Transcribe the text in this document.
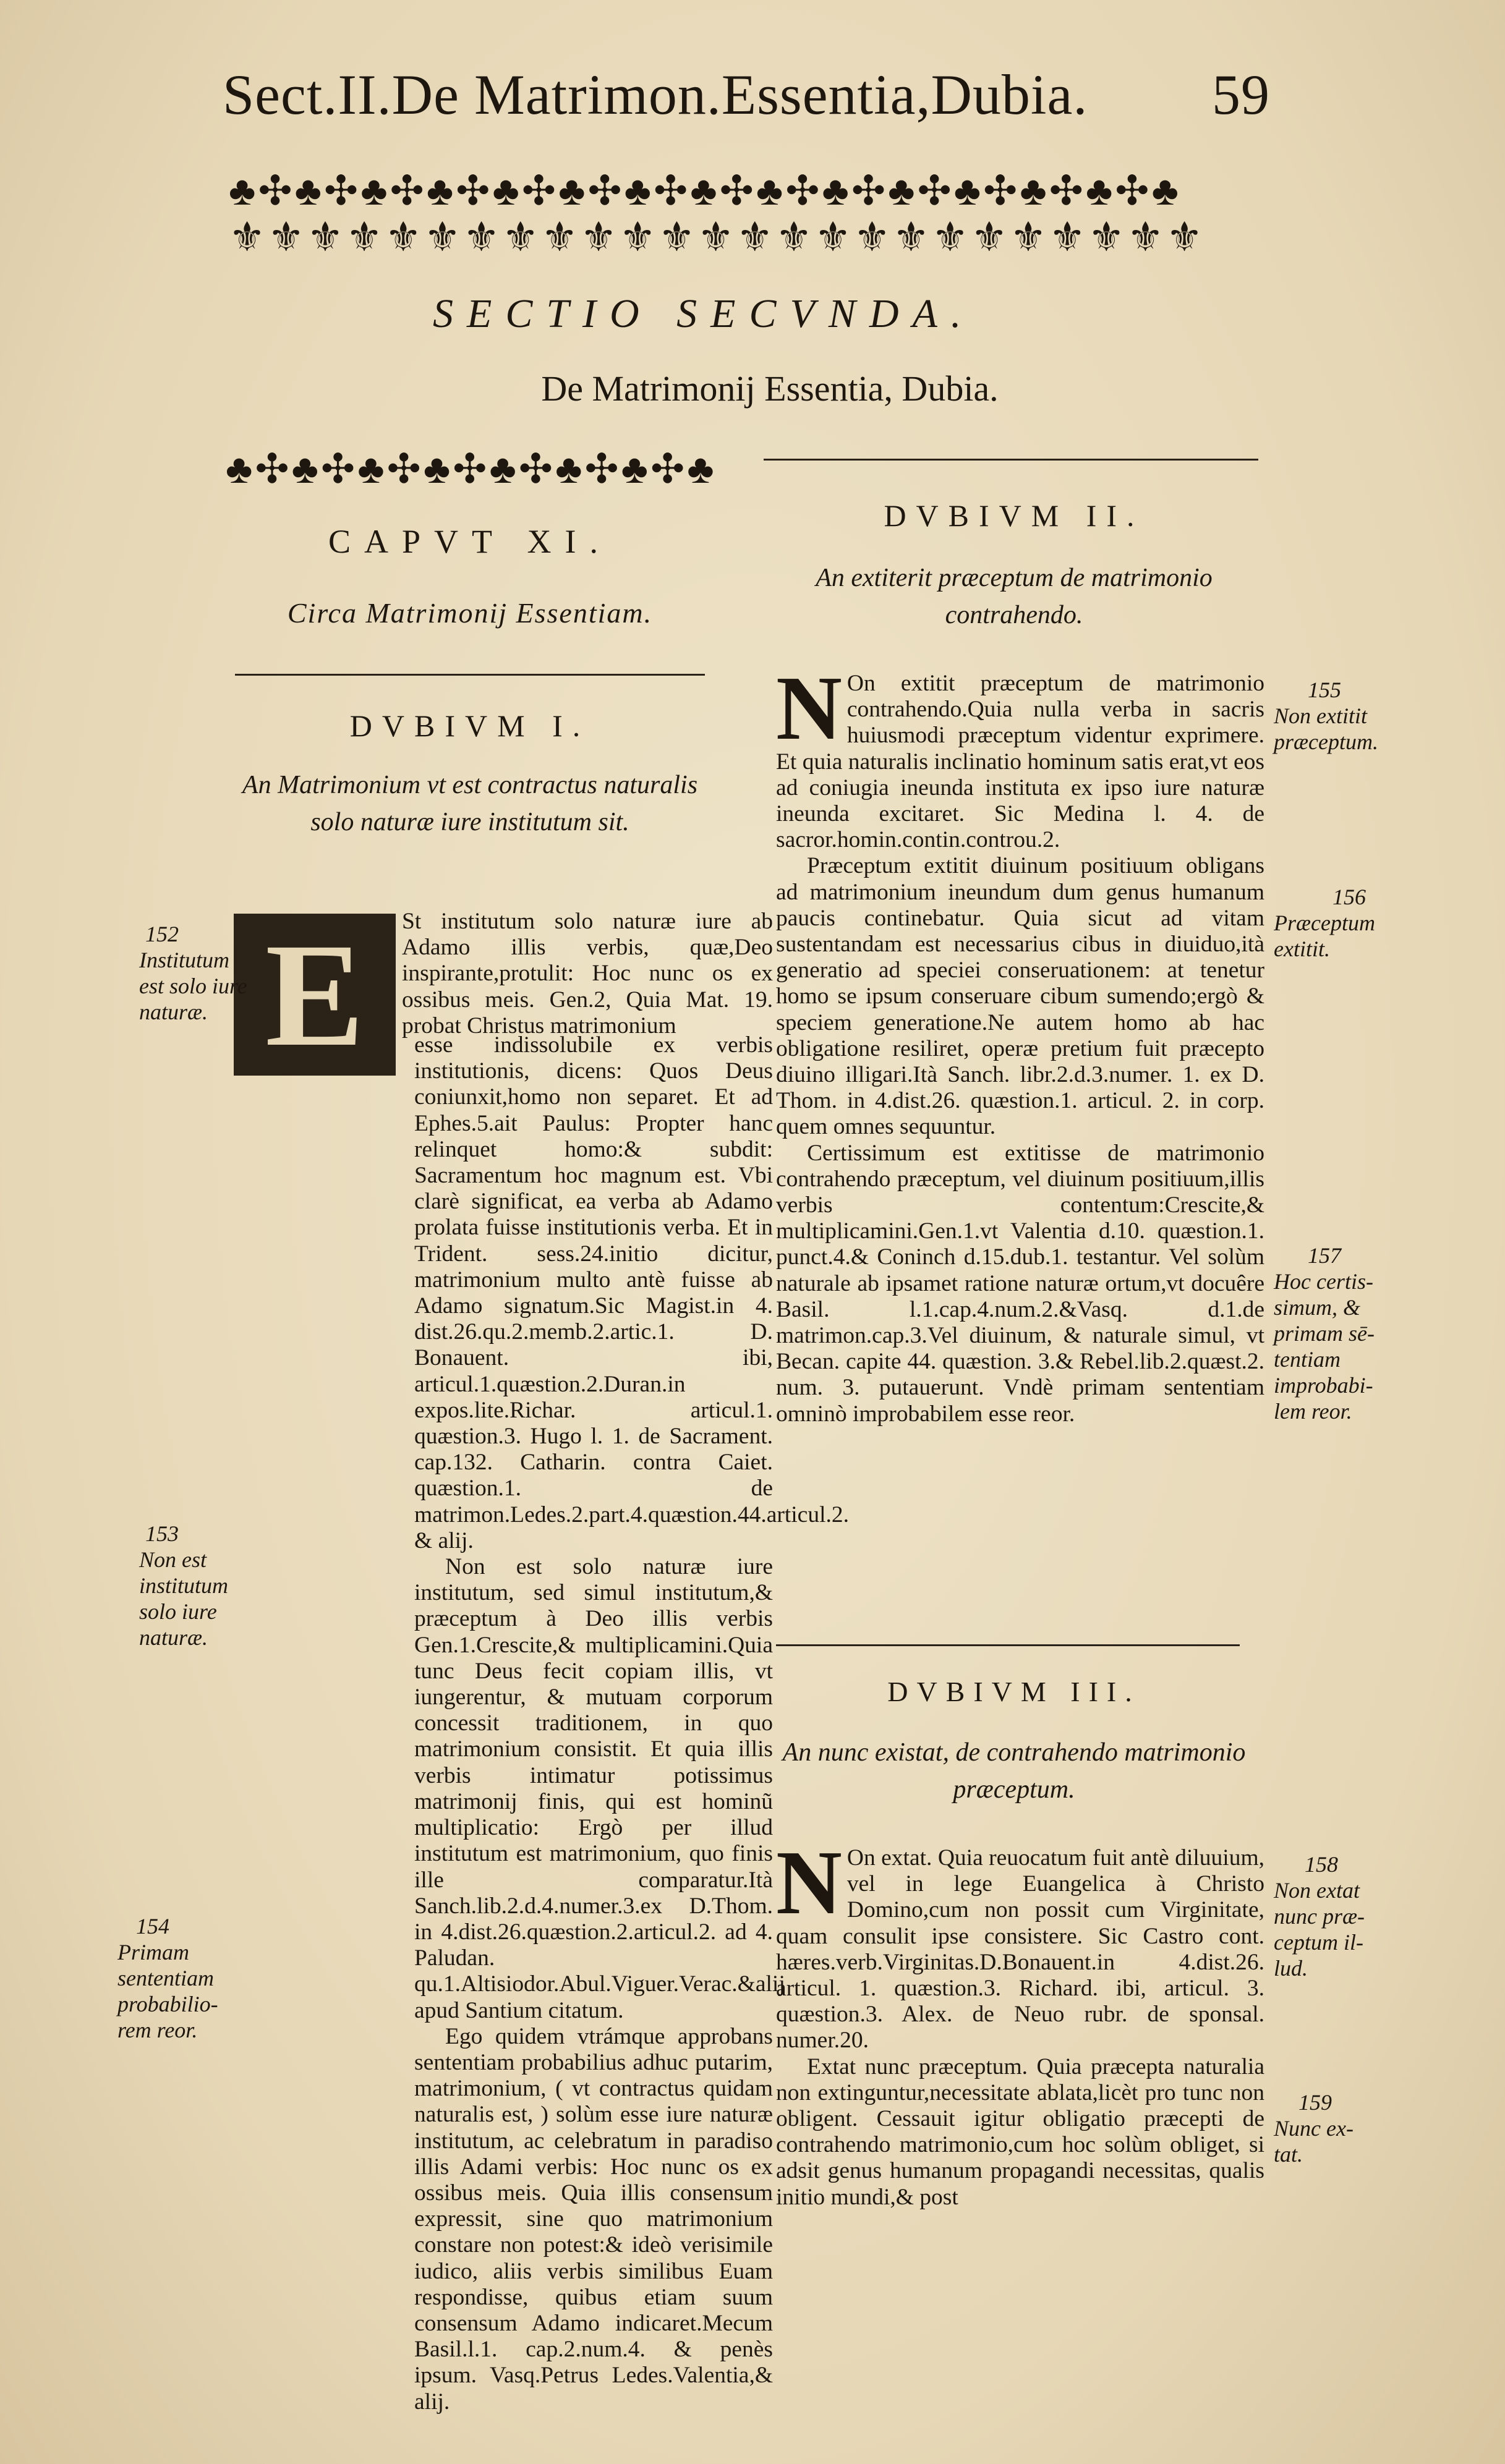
Sect.II.De Matrimon.Essentia,Dubia. 59
♣✣♣✣♣✣♣✣♣✣♣✣♣✣♣✣♣✣♣✣♣✣♣✣♣✣♣✣♣
⚜⚜⚜⚜⚜⚜⚜⚜⚜⚜⚜⚜⚜⚜⚜⚜⚜⚜⚜⚜⚜⚜⚜⚜⚜
SECTIO SECVNDA.
De Matrimonij Essentia, Dubia.
♣✣♣✣♣✣♣✣♣✣♣✣♣✣♣
CAPVT XI.
Circa Matrimonij Essentiam.
DVBIVM I.
An Matrimonium vt est contractus naturalis solo naturæ iure institutum sit.
E	St institutum solo naturæ iure ab Adamo illis verbis, quæ,Deo inspirante,protulit: Hoc nunc os ex ossibus meis. Gen.2, Quia Mat. 19. probat Christus matrimonium

esse indissolubile ex verbis institutionis, dicens: Quos Deus coniunxit,homo non separet. Et ad Ephes.5.ait Paulus: Propter hanc relinquet homo:& subdit: Sacramentum hoc magnum est. Vbi clarè significat, ea verba ab Adamo prolata fuisse institutionis verba. Et in Trident. sess.24.initio dicitur, matrimonium multo antè fuisse ab Adamo signatum.Sic Magist.in 4. dist.26.qu.2.memb.2.artic.1. D. Bonauent. ibi, articul.1.quæstion.2.Duran.in expos.lite.Richar. articul.1. quæstion.3. Hugo l. 1. de Sacrament. cap.132. Catharin. contra Caiet. quæstion.1. de matrimon.Ledes.2.part.4.quæstion.44.articul.2. & alij.

Non est solo naturæ iure institutum, sed simul institutum,& præceptum à Deo illis verbis Gen.1.Crescite,& multiplicamini.Quia tunc Deus fecit copiam illis, vt iungerentur, & mutuam corporum concessit traditionem, in quo matrimonium consistit. Et quia illis verbis intimatur potissimus matrimonij finis, qui est hominũ multiplicatio: Ergò per illud institutum est matrimonium, quo finis ille comparatur.Ità Sanch.lib.2.d.4.numer.3.ex D.Thom. in 4.dist.26.quæstion.2.articul.2. ad 4. Paludan. qu.1.Altisiodor.Abul.Viguer.Verac.&alij apud Santium citatum.

Ego quidem vtrámque approbans sententiam probabilius adhuc putarim, matrimonium, ( vt contractus quidam naturalis est, ) solùm esse iure naturæ institutum, ac celebratum in paradiso illis Adami verbis: Hoc nunc os ex ossibus meis. Quia illis consensum expressit, sine quo matrimonium constare non potest:& ideò verisimile iudico, aliis verbis similibus Euam respondisse, quibus etiam suum consensum Adamo indicaret.Mecum Basil.l.1. cap.2.num.4. & penès ipsum. Vasq.Petrus Ledes.Valentia,& alij.

DVBIVM II.
An extiterit præceptum de matrimonio contrahendo.

N On extitit præceptum de matrimonio contrahendo.Quia nulla verba in sacris huiusmodi præceptum videntur exprimere. Et quia naturalis inclinatio hominum satis erat,vt eos ad coniugia ineunda instituta ex ipso iure naturæ ineunda excitaret. Sic Medina l. 4. de sacror.homin.contin.controu.2.

Præceptum extitit diuinum positiuum obligans ad matrimonium ineundum dum genus humanum paucis continebatur. Quia sicut ad vitam sustentandam est necessarius cibus in diuiduo,ità generatio ad speciei conseruationem: at tenetur homo se ipsum conseruare cibum sumendo;ergò & speciem generatione.Ne autem homo ab hac obligatione resiliret, operæ pretium fuit præcepto diuino illigari.Ità Sanch. libr.2.d.3.numer. 1. ex D. Thom. in 4.dist.26. quæstion.1. articul. 2. in corp. quem omnes sequuntur.

Certissimum est extitisse de matrimonio contrahendo præceptum, vel diuinum positiuum,illis verbis contentum:Crescite,& multiplicamini.Gen.1.vt Valentia d.10. quæstion.1. punct.4.& Coninch d.15.dub.1. testantur. Vel solùm naturale ab ipsamet ratione naturæ ortum,vt docuêre Basil. l.1.cap.4.num.2.&Vasq. d.1.de matrimon.cap.3.Vel diuinum, & naturale simul, vt Becan. capite 44. quæstion. 3.& Rebel.lib.2.quæst.2. num. 3. putauerunt. Vndè primam sententiam omninò improbabilem esse reor.

DVBIVM III.
An nunc existat, de contrahendo matrimonio præceptum.

N On extat. Quia reuocatum fuit antè diluuium, vel in lege Euangelica à Christo Domino,cum non possit cum Virginitate, quam consulit ipse consistere. Sic Castro cont. hæres.verb.Virginitas.D.Bonauent.in 4.dist.26. articul. 1. quæstion.3. Richard. ibi, articul. 3. quæstion.3. Alex. de Neuo rubr. de sponsal. numer.20.

Extat nunc præceptum. Quia præcepta naturalia non extinguntur,necessitate ablata,licèt pro tunc non obligent. Cessauit igitur obligatio præcepti de contrahendo matrimonio,cum hoc solùm obliget, si adsit genus humanum propagandi necessitas, qualis initio mundi,& post

152
Institutum
est solo iure
naturæ.
153
Non est
institutum
solo iure
naturæ.
154
Primam
sententiam
probabilio-
rem reor.
155
Non extitit
præceptum.
156
Præceptum
extitit.
157
Hoc certis-
simum, &
primam sē-
tentiam
improbabi-
lem reor.
158
Non extat
nunc præ-
ceptum il-
lud.
159
Nunc ex-
tat.
